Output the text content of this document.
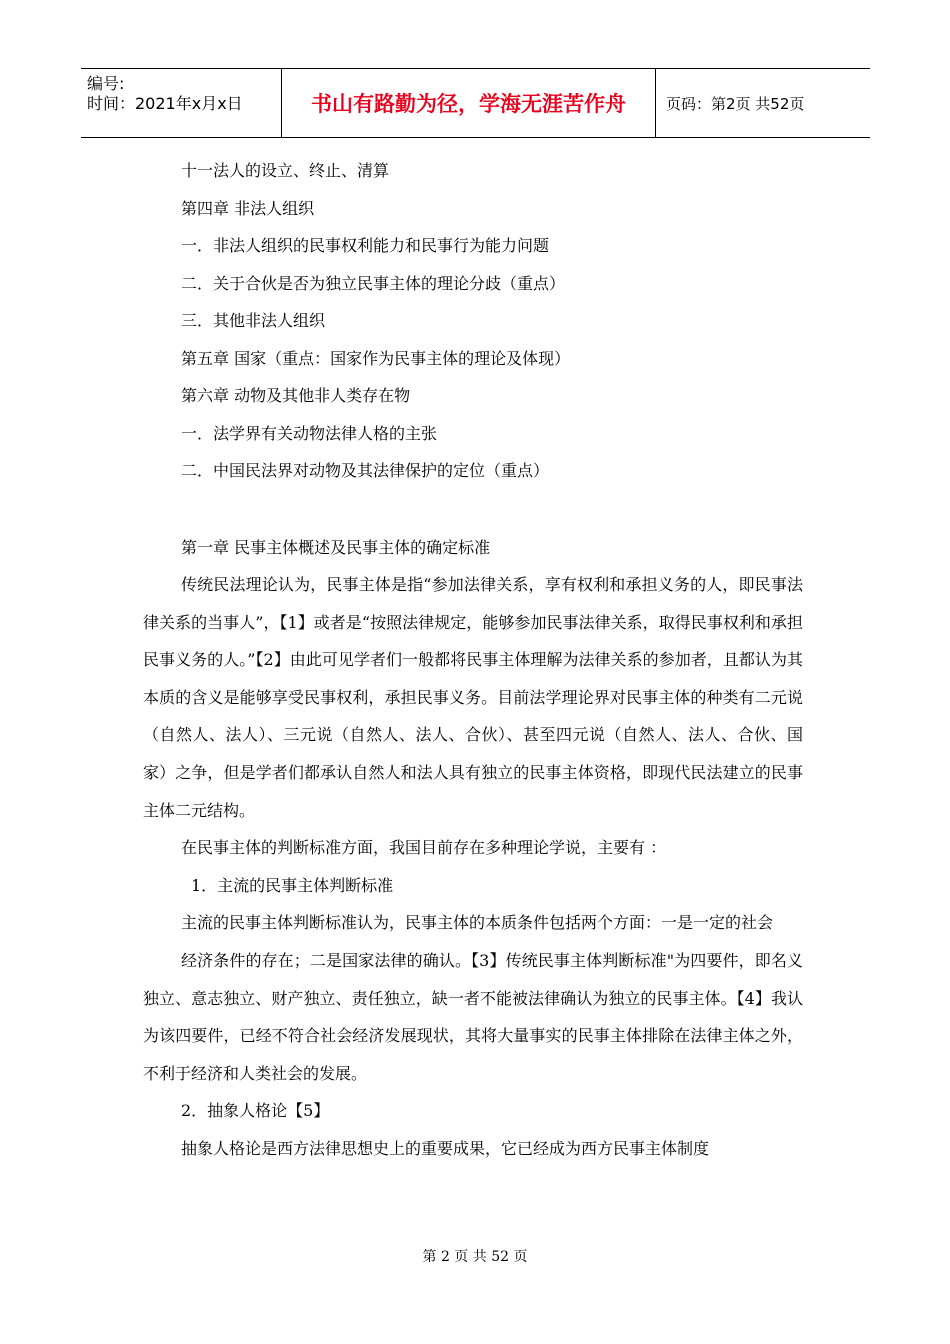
编号:
时间：2021年x月x日	书山有路勤为径，学海无涯苦作舟	页码：第2页 共52页

十一法人的设立、终止、清算

第四章 非法人组织

一．非法人组织的民事权利能力和民事行为能力问题

二．关于合伙是否为独立民事主体的理论分歧（重点）

三．其他非法人组织

第五章 国家（重点：国家作为民事主体的理论及体现）

第六章 动物及其他非人类存在物

一．法学界有关动物法律人格的主张

二．中国民法界对动物及其法律保护的定位（重点）

第一章 民事主体概述及民事主体的确定标准

传统民法理论认为，民事主体是指“参加法律关系，享有权利和承担义务的人，即民事法律关系的当事人”，【1】或者是“按照法律规定，能够参加民事法律关系，取得民事权利和承担民事义务的人。”【2】由此可见学者们一般都将民事主体理解为法律关系的参加者，且都认为其本质的含义是能够享受民事权利，承担民事义务。目前法学理论界对民事主体的种类有二元说（自然人、法人）、三元说（自然人、法人、合伙）、甚至四元说（自然人、法人、合伙、国家）之争，但是学者们都承认自然人和法人具有独立的民事主体资格，即现代民法建立的民事主体二元结构。

在民事主体的判断标准方面，我国目前存在多种理论学说，主要有 ：

1．主流的民事主体判断标准

主流的民事主体判断标准认为，民事主体的本质条件包括两个方面：一是一定的社会

经济条件的存在；二是国家法律的确认。【3】传统民事主体判断标准"为四要件，即名义独立、意志独立、财产独立、责任独立，缺一者不能被法律确认为独立的民事主体。【4】我认为该四要件，已经不符合社会经济发展现状，其将大量事实的民事主体排除在法律主体之外，不利于经济和人类社会的发展。

2．抽象人格论【5】

抽象人格论是西方法律思想史上的重要成果，它已经成为西方民事主体制度

第 2 页 共 52 页
